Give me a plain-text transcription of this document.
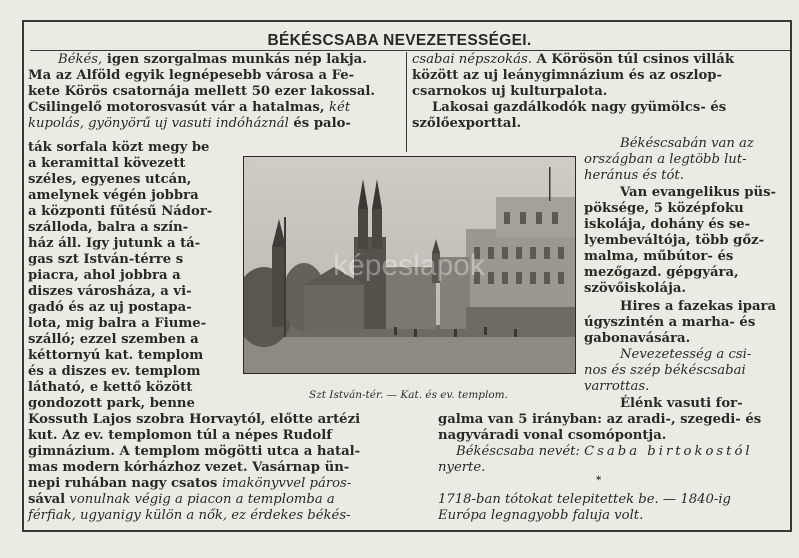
BÉKÉSCSABA NEVEZETESSÉGEI.
Békés, igen szorgalmas munkás nép lakja.
Ma az Alföld egyik legnépesebb városa a Fe-
kete Körös csatornája mellett 50 ezer lakossal.
Csilingelő motorosvasút vár a hatalmas, két
kupolás, gyönyörű uj vasuti indóháznál és palo-
ták sorfala közt megy be
a keramittal kövezett
széles, egyenes utcán,
amelynek végén jobbra
a központi fűtésű Nádor-
szálloda, balra a szín-
ház áll. Igy jutunk a tá-
gas szt István-térre s
piacra, ahol jobbra a
diszes városháza, a vi-
gadó és az uj postapa-
lota, mig balra a Fiume-
szálló; ezzel szemben a
kéttornyú kat. templom
és a diszes ev. templom
látható, e kettő között
gondozott park, benne
Kossuth Lajos szobra Horvaytól, előtte artézi
kut. Az ev. templomon túl a népes Rudolf
gimnázium. A templom mögötti utca a hatal-
mas modern kórházhoz vezet. Vasárnap ün-
nepi ruhában nagy csatos imakönyvvel páros-
sával vonulnak végig a piacon a templomba a
férfiak, ugyanigy külön a nők, ez érdekes békés-
csabai népszokás. A Körösön túl csinos villák
között az uj leánygimnázium és az oszlop-
csarnokos uj kulturpalota.
Lakosai gazdálkodók nagy gyümölcs- és
szőlőexporttal.
Békéscsabán van az
országban a legtöbb lut-
heránus és tót.
Van evangelikus püs-
pöksége, 5 középfoku
iskolája, dohány és se-
lyembeváltója, több gőz-
malma, műbútor- és
mezőgazd. gépgyára,
szövőiskolája.
Hires a fazekas ipara
úgyszintén a marha- és
gabonavására.
Nevezetesség a csi-
nos és szép békéscsabai
varrottas.
Élénk vasuti for-
galma van 5 irányban: az aradi-, szegedi- és
nagyváradi vonal csomópontja.
Békéscsaba nevét: Csaba birtokostól
nyerte.
*
1718-ban tótokat telepitettek be. — 1840-ig
Európa legnagyobb faluja volt.
képeslapok
Szt István-tér. — Kat. és ev. templom.
